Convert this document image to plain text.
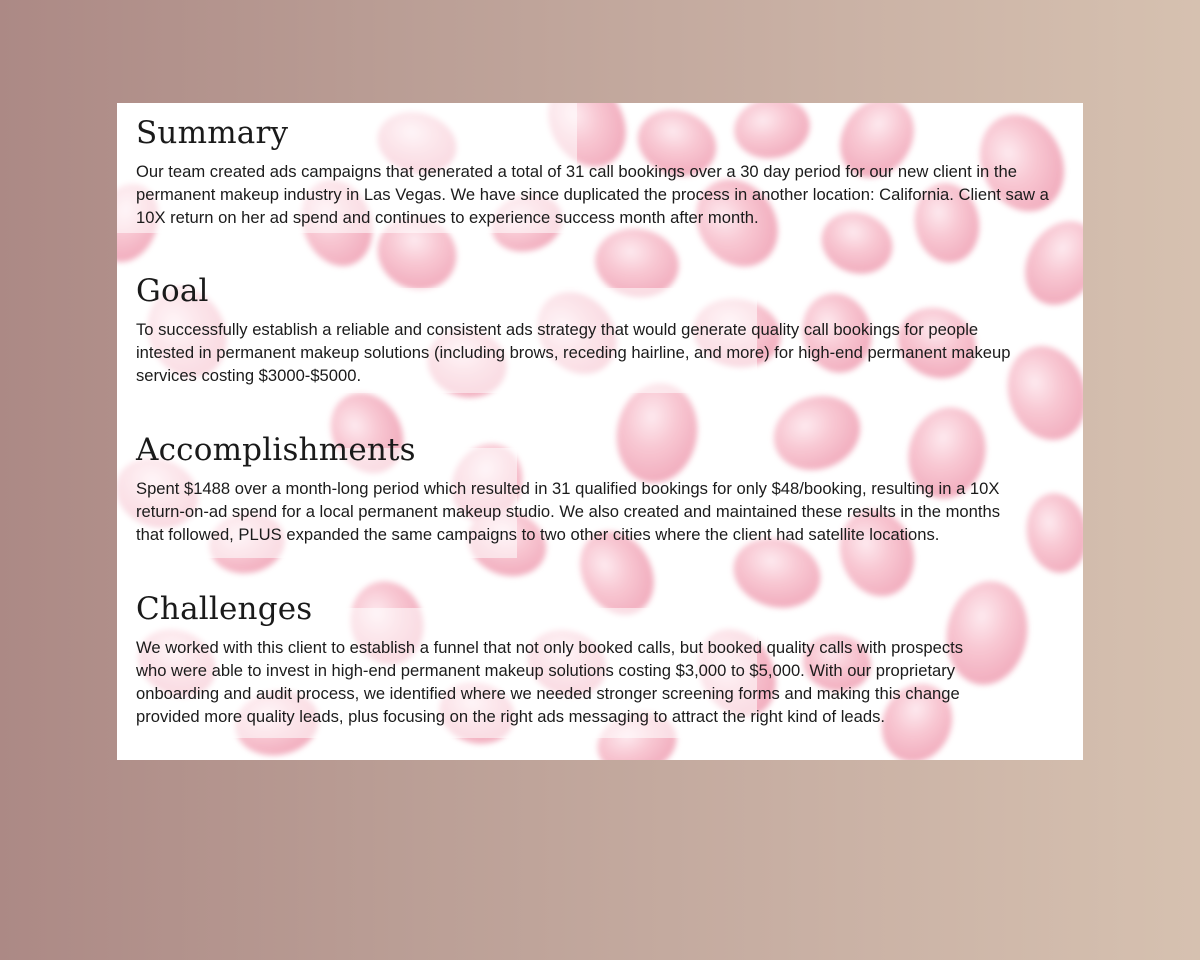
Summary

Our team created ads campaigns that generated a total of 31 call bookings over a 30 day period for our new client in the permanent makeup industry in Las Vegas. We have since duplicated the process in another location: California. Client saw a 10X return on her ad spend and continues to experience success month after month.

Goal

To successfully establish a reliable and consistent ads strategy that would generate quality call bookings for people intested in permanent makeup solutions (including brows, receding hairline, and more) for high-end permanent makeup services costing $3000-$5000.

Accomplishments

Spent $1488 over a month-long period which resulted in 31 qualified bookings for only $48/booking, resulting in a 10X return-on-ad spend for a local permanent makeup studio. We also created and maintained these results in the months that followed, PLUS expanded the same campaigns to two other cities where the client had satellite locations.

Challenges

We worked with this client to establish a funnel that not only booked calls, but booked quality calls with prospects who were able to invest in high-end permanent makeup solutions costing $3,000 to $5,000. With our proprietary onboarding and audit process, we identified where we needed stronger screening forms and making this change provided more quality leads, plus focusing on the right ads messaging to attract the right kind of leads.
